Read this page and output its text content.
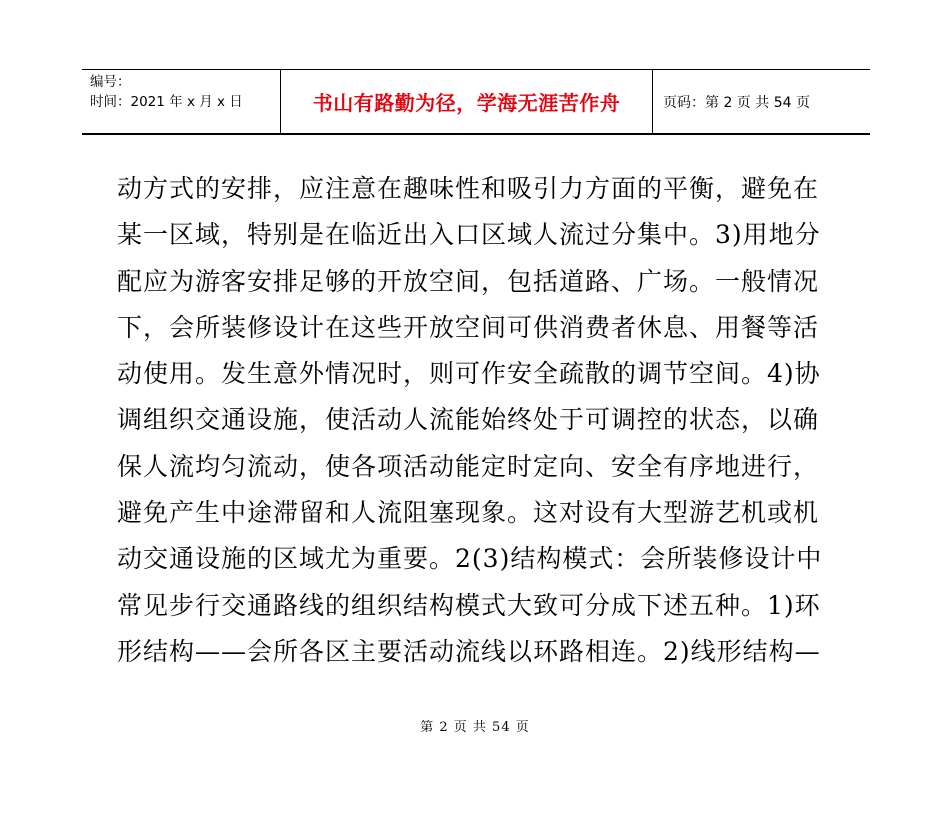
编号：
时间：2021 年 x 月 x 日	书山有路勤为径，学海无涯苦作舟	页码：第 2 页 共 54 页
动方式的安排，应注意在趣味性和吸引力方面的平衡，避免在
某一区域，特别是在临近出入口区域人流过分集中。3)用地分
配应为游客安排足够的开放空间，包括道路、广场。一般情况
下，会所装修设计在这些开放空间可供消费者休息、用餐等活
动使用。发生意外情况时，则可作安全疏散的调节空间。4)协
调组织交通设施，使活动人流能始终处于可调控的状态，以确
保人流均匀流动，使各项活动能定时定向、安全有序地进行，
避免产生中途滞留和人流阻塞现象。这对设有大型游艺机或机
动交通设施的区域尤为重要。2(3)结构模式：会所装修设计中
常见步行交通路线的组织结构模式大致可分成下述五种。1)环
形结构——会所各区主要活动流线以环路相连。2)线形结构—
第 2 页 共 54 页
